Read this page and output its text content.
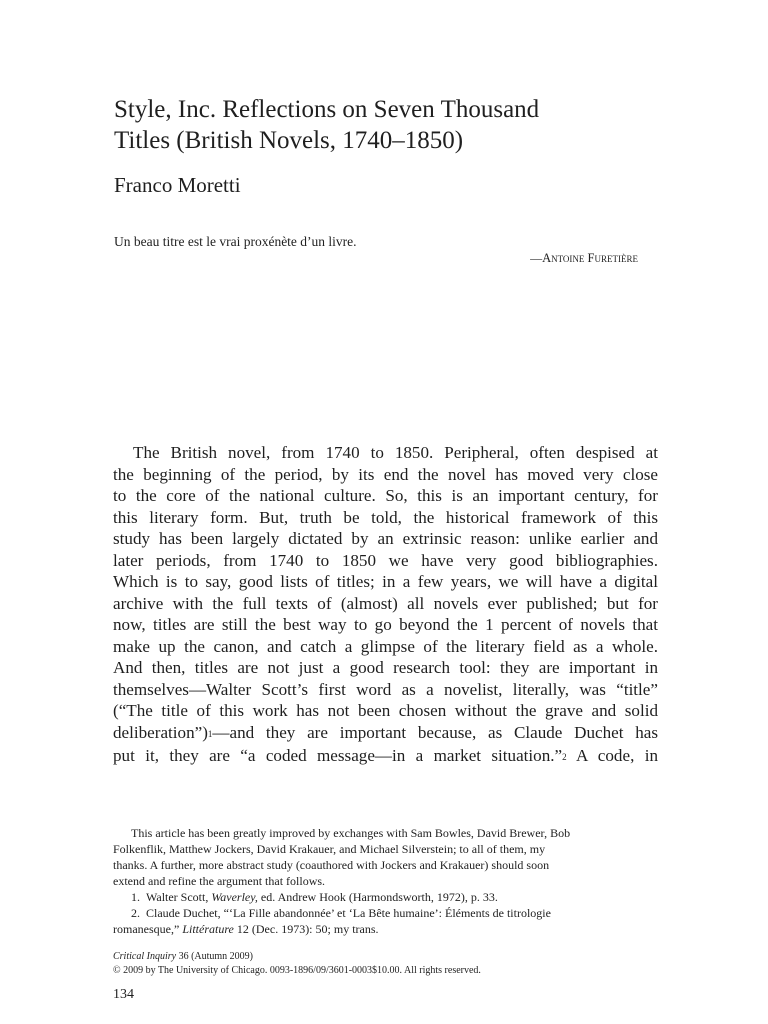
Style, Inc. Reflections on Seven Thousand
Titles (British Novels, 1740–1850)
Franco Moretti
Un beau titre est le vrai proxénète d’un livre.
—Antoine Furetière
The British novel, from 1740 to 1850. Peripheral, often despised at
the beginning of the period, by its end the novel has moved very close
to the core of the national culture. So, this is an important century, for
this literary form. But, truth be told, the historical framework of this
study has been largely dictated by an extrinsic reason: unlike earlier and
later periods, from 1740 to 1850 we have very good bibliographies.
Which is to say, good lists of titles; in a few years, we will have a digital
archive with the full texts of (almost) all novels ever published; but for
now, titles are still the best way to go beyond the 1 percent of novels that
make up the canon, and catch a glimpse of the literary field as a whole.
And then, titles are not just a good research tool: they are important in
themselves—Walter Scott’s first word as a novelist, literally, was “title”
(“The title of this work has not been chosen without the grave and solid
deliberation”)$^1$—and they are important because, as Claude Duchet has
put it, they are “a coded message—in a market situation.”$^2$ A code, in
This article has been greatly improved by exchanges with Sam Bowles, David Brewer, Bob
Folkenflik, Matthew Jockers, David Krakauer, and Michael Silverstein; to all of them, my
thanks. A further, more abstract study (coauthored with Jockers and Krakauer) should soon
extend and refine the argument that follows.
1.  Walter Scott, Waverley, ed. Andrew Hook (Harmondsworth, 1972), p. 33.
2.  Claude Duchet, “‘La Fille abandonnée’ et ‘La Bête humaine’: Éléments de titrologie
romanesque,” Littérature 12 (Dec. 1973): 50; my trans.
Critical Inquiry 36 (Autumn 2009)
© 2009 by The University of Chicago. 0093-1896/09/3601-0003$10.00. All rights reserved.
134
